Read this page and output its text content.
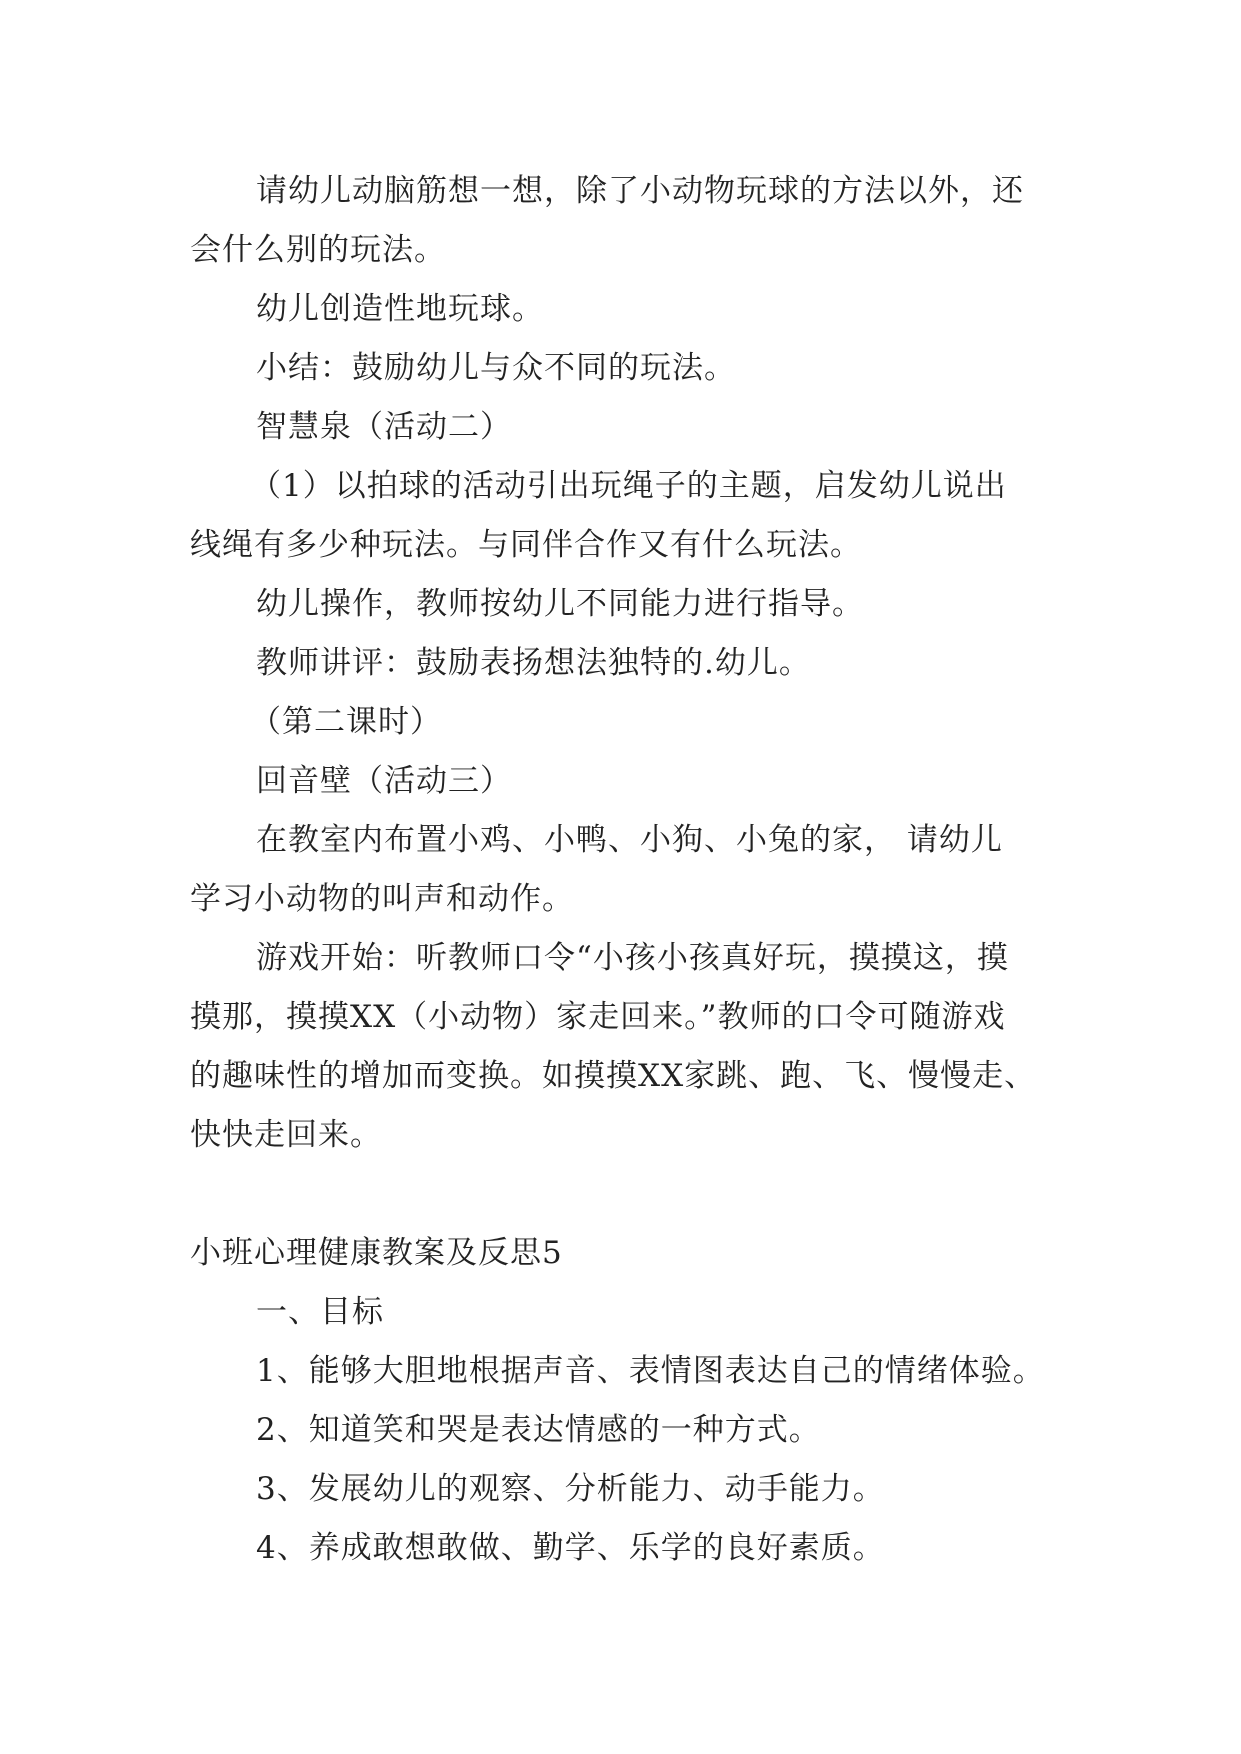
请幼儿动脑筋想一想，除了小动物玩球的方法以外，还

会什么别的玩法。

幼儿创造性地玩球。

小结：鼓励幼儿与众不同的玩法。

智慧泉（活动二）

（1）以拍球的活动引出玩绳子的主题，启发幼儿说出

线绳有多少种玩法。与同伴合作又有什么玩法。

幼儿操作，教师按幼儿不同能力进行指导。

教师讲评：鼓励表扬想法独特的.幼儿。

（第二课时）

回音壁（活动三）

在教室内布置小鸡、小鸭、小狗、小兔的家， 请幼儿

学习小动物的叫声和动作。

游戏开始：听教师口令“小孩小孩真好玩，摸摸这，摸

摸那，摸摸XX（小动物）家走回来。”教师的口令可随游戏

的趣味性的增加而变换。如摸摸XX家跳、跑、飞、慢慢走、

快快走回来。

小班心理健康教案及反思5

一、目标

1、能够大胆地根据声音、表情图表达自己的情绪体验。

2、知道笑和哭是表达情感的一种方式。

3、发展幼儿的观察、分析能力、动手能力。

4、养成敢想敢做、勤学、乐学的良好素质。
